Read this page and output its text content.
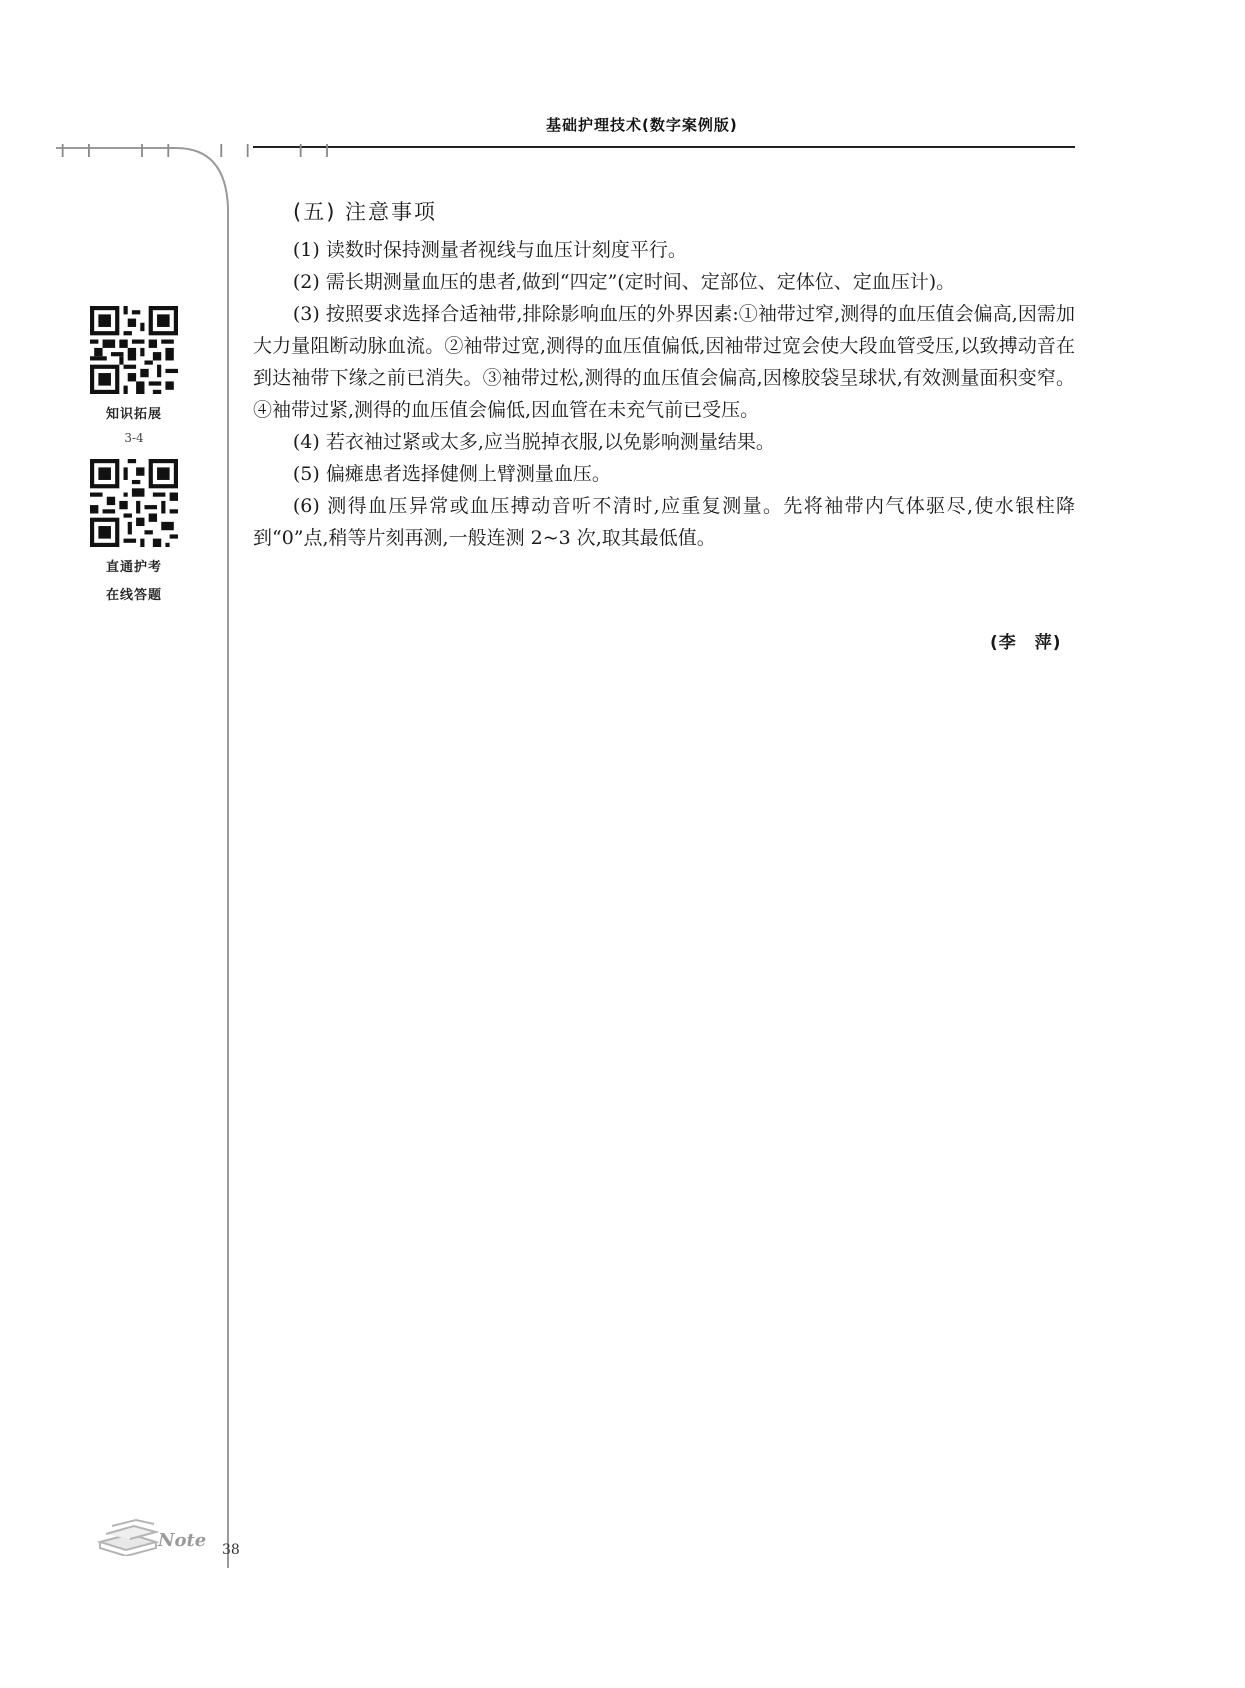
基础护理技术(数字案例版)
II II II II
知识拓展
3-4
直通护考
在线答题
(五) 注意事项

(1) 读数时保持测量者视线与血压计刻度平行。

(2) 需长期测量血压的患者,做到“四定”(定时间、定部位、定体位、定血压计)。

(3) 按照要求选择合适袖带,排除影响血压的外界因素:①袖带过窄,测得的血压值会偏高,因需加大力量阻断动脉血流。②袖带过宽,测得的血压值偏低,因袖带过宽会使大段血管受压,以致搏动音在到达袖带下缘之前已消失。③袖带过松,测得的血压值会偏高,因橡胶袋呈球状,有效测量面积变窄。④袖带过紧,测得的血压值会偏低,因血管在未充气前已受压。

(4) 若衣袖过紧或太多,应当脱掉衣服,以免影响测量结果。

(5) 偏瘫患者选择健侧上臂测量血压。

(6) 测得血压异常或血压搏动音听不清时,应重复测量。先将袖带内气体驱尽,使水银柱降到“0”点,稍等片刻再测,一般连测 2~3 次,取其最低值。

(李　萍)
Note 38
